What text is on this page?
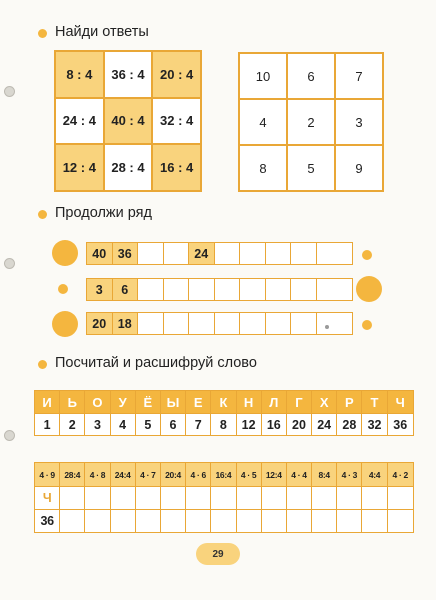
Найди ответы
8 : 4	36 : 4	20 : 4
24 : 4	40 : 4	32 : 4
12 : 4	28 : 4	16 : 4
10	6	7
4	2	3
8	5	9
Продолжи ряд
40 36	24
3	6
20 18
Посчитай и расшифруй слово
И	Ь	О	У	Ё	Ы	Е	К	Н	Л	Г	Х	Р	Т	Ч
1	2	3	4	5	6	7	8	12 16 20 24 28 32 36
4 · 9	28:4	4 · 8	24:4	4 · 7	20:4	4 · 6	16:4	4 · 5	12:4	4 · 4	8:4	4 · 3	4:4	4 · 2
Ч
36
29
